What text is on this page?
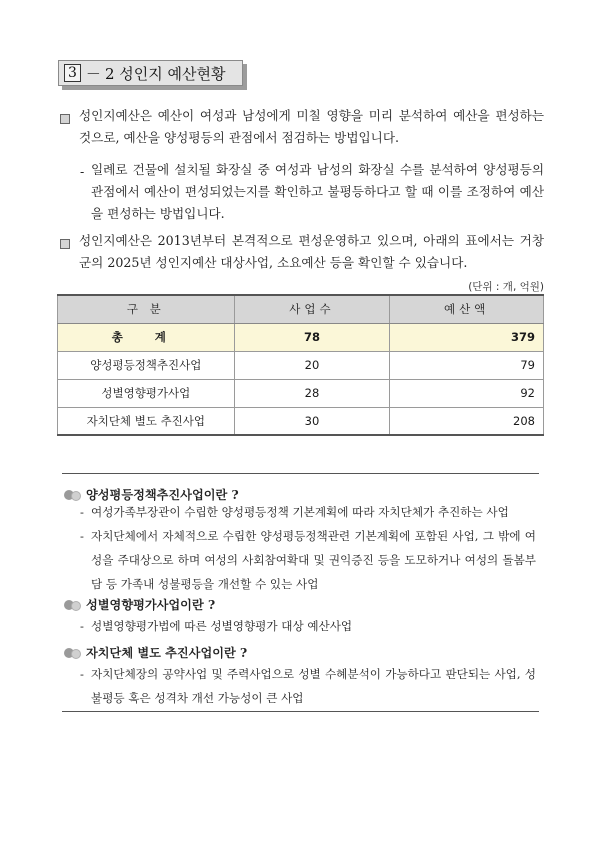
3 － 2 성인지 예산현황
성인지예산은 예산이 여성과 남성에게 미칠 영향을 미리 분석하여 예산을 편성하는 것으로, 예산을 양성평등의 관점에서 점검하는 방법입니다.
- 일례로 건물에 설치될 화장실 중 여성과 남성의 화장실 수를 분석하여 양성평등의 관점에서 예산이 편성되었는지를 확인하고 불평등하다고 할 때 이를 조정하여 예산을 편성하는 방법입니다.
성인지예산은 2013년부터 본격적으로 편성운영하고 있으며, 아래의 표에서는 거창군의 2025년 성인지예산 대상사업, 소요예산 등을 확인할 수 있습니다.
(단위 : 개, 억원)
구 분	사업수	예산액
총 계	78	379
양성평등정책추진사업	20	79
성별영향평가사업	28	92
자치단체 별도 추진사업	30	208
양성평등정책추진사업이란 ?
- 여성가족부장관이 수립한 양성평등정책 기본계획에 따라 자치단체가 추진하는 사업
- 자치단체에서 자체적으로 수립한 양성평등정책관련 기본계획에 포함된 사업, 그 밖에 여성을 주대상으로 하며 여성의 사회참여확대 및 권익증진 등을 도모하거나 여성의 돌봄부담 등 가족내 성불평등을 개선할 수 있는 사업
성별영향평가사업이란 ?
- 성별영향평가법에 따른 성별영향평가 대상 예산사업
자치단체 별도 추진사업이란 ?
- 자치단체장의 공약사업 및 주력사업으로 성별 수혜분석이 가능하다고 판단되는 사업, 성불평등 혹은 성격차 개선 가능성이 큰 사업
